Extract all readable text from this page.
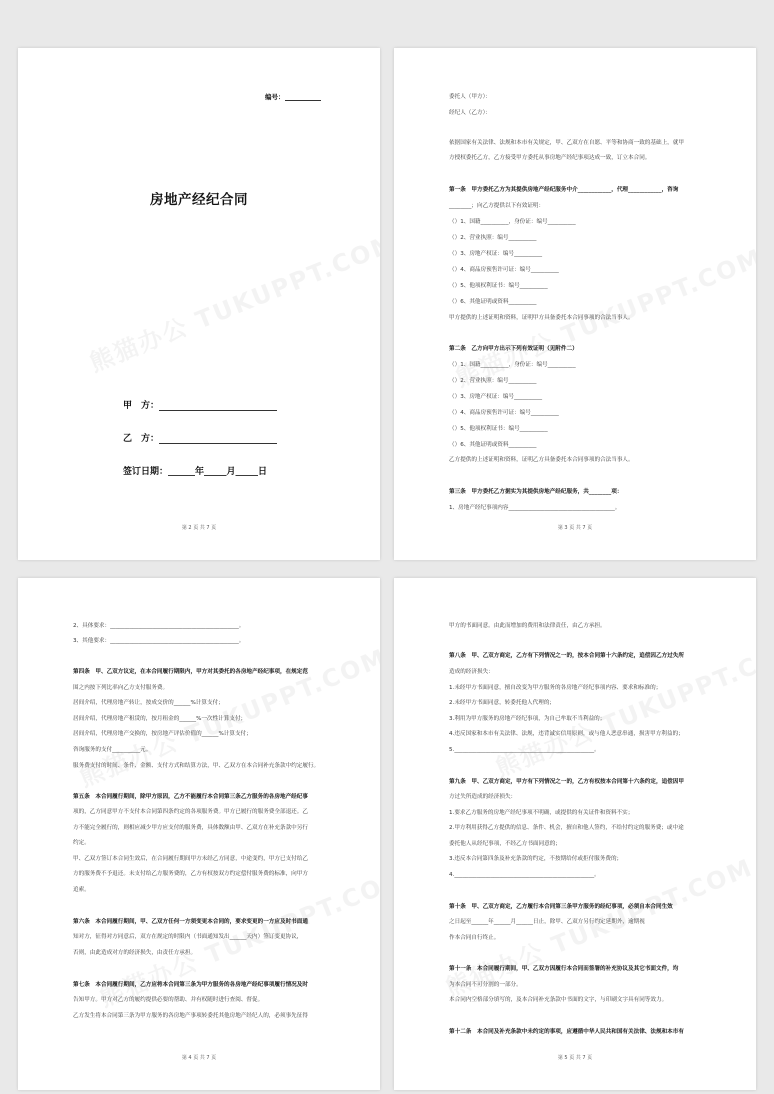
编号：
房地产经纪合同
甲　方：
乙　方：
签订日期：______年_____月_____日
第 2 页 共 7 页
委托人（甲方）：
经纪人（乙方）：
依据国家有关法律、法规和本市有关规定，甲、乙双方在自愿、平等和协商一致的基础上，就甲
方授权委托乙方，乙方接受甲方委托从事房地产经纪事项达成一致，订立本合同。
第一条　甲方委托乙方为其提供房地产经纪服务中介____________，代理____________，咨询
________；向乙方提供以下有效证明：
（）1、国籍__________，身份证：编号__________
（）2、营业执照：编号__________
（）3、房地产权证：编号__________
（）4、商品房预售许可证：编号__________
（）5、他项权利证书：编号__________
（）6、其他证明或资料__________
甲方提供的上述证明和资料，证明甲方具备委托本合同事项的合法当事人。
第二条　乙方向甲方出示下列有效证明（见附件二）
（）1、国籍__________，身份证：编号__________
（）2、营业执照：编号__________
（）3、房地产权证：编号__________
（）4、商品房预售许可证：编号__________
（）5、他项权利证书：编号__________
（）6、其他证明或资料__________
乙方提供的上述证明和资料，证明乙方具备委托本合同事项的合法当事人。
第三条　甲方委托乙方据实为其提供房地产经纪服务，共________项：
1、房地产经纪事项内容______________________________________。
第 3 页 共 7 页
2、具体要求：______________________________________________。
3、其他要求：______________________________________________。
第四条　甲、乙双方议定，在本合同履行期限内，甲方对其委托的各房地产经纪事项，在规定范
围之内按下列比率向乙方支付服务费。
居间介绍，代理房地产转让，按成交价的______%计算支付；
居间介绍，代理房地产租赁的，按月租金的______%一次性计算支付；
居间介绍，代理房地产交换的，按房地产评估价值的______%计算支付；
咨询服务的支付__________元。
服务费支付的时间、条件、金额、支付方式和结算方法，甲、乙双方在本合同补充条款中约定履行。
第五条　本合同履行期间，除甲方原因，乙方不能履行本合同第三条乙方服务的各房地产经纪事
项的，乙方同意甲方不支付本合同第四条约定的各项服务费。甲方已履行的服务费全部退还。乙
方不能完全履行的，则相应减少甲方应支付的服务费，具体数额由甲、乙双方在补充条款中另行
约定。
甲、乙双方签订本合同生效后，在合同履行期间甲方未经乙方同意，中途变约，甲方已支付给乙
方的服务费不予退还。未支付给乙方服务费的，乙方有权按双方约定偿付服务费的标准，向甲方
追索。
第六条　本合同履行期间，甲、乙双方任何一方须变更本合同的，要求变更的一方应及时书面通
知对方，征得对方同意后，双方在规定的时限内（书面通知发出______天内）签订变更协议，
否则，由此造成对方的经济损失，由责任方承担。
第七条　本合同履行期间，乙方应将本合同第三条为甲方服务的各房地产经纪事项履行情况及时
告知甲方。甲方对乙方的履约提供必要的帮助、并有权随时进行查阅、督促。
乙方发生将本合同第三条为甲方服务的各房地产事项转委托其他房地产经纪人的，必须事先征得
第 4 页 共 7 页
甲方的书面同意。由此而增加的费用和法律责任，由乙方承担。
第八条　甲、乙双方商定，乙方有下列情况之一的，按本合同第十六条约定，追偿因乙方过失所
造成的经济损失：
1.未经甲方书面同意，擅自改变为甲方服务的各房地产经纪事项内容、要求和标准的；
2.未经甲方书面同意，转委托他人代理的；
3.利用为甲方服务的房地产经纪事项，为自己牟取不当利益的；
4.违反国家和本市有关法律、法规，违背诚实信用原则，或与他人恶意串通，损害甲方利益的；
5.__________________________________________________。
第九条　甲、乙双方商定，甲方有下列情况之一的，乙方有权按本合同第十六条约定，追偿因甲
方过失所造成的经济损失：
1.要求乙方服务的房地产经纪事项不明确，或提供的有关证件和资料不实；
2.甲方利用获得乙方提供的信息、条件、机会，擅自和他人签约，不给付约定的服务费；或中途
委托他人从经纪事项，不经乙方书面同意的；
3.违反本合同第四条及补充条款的约定，不按期给付或拒付服务费的；
4.__________________________________________________。
第十条　甲、乙双方商定，乙方履行本合同第三条甲方服务的经纪事项，必须自本合同生效
之日起至______年______月______日止，除甲、乙双方另行约定延期外，逾期视
作本合同自行终止。
第十一条　本合同履行期间，甲、乙双方因履行本合同而签署的补充协议及其它书面文件，均
为本合同不可分割的一部分。
本合同内空格部分填写的，及本合同补充条款中书面的文字，与印刷文字具有同等效力。
第十二条　本合同及补充条款中未约定的事项，应遵循中华人民共和国有关法律、法规和本市有
第 5 页 共 7 页
